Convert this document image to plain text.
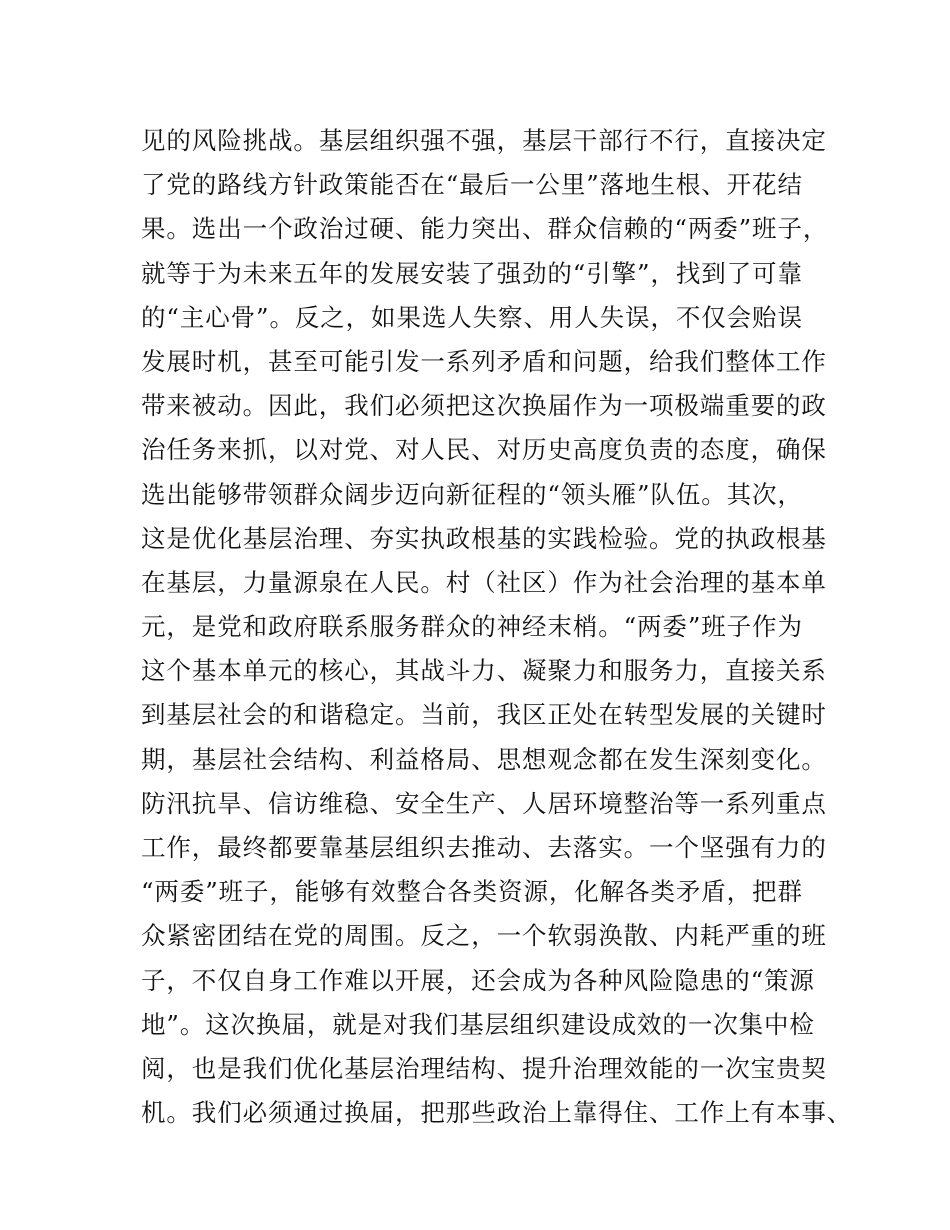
见的风险挑战。基层组织强不强，基层干部行不行，直接决定
了党的路线方针政策能否在“最后一公里”落地生根、开花结
果。选出一个政治过硬、能力突出、群众信赖的“两委”班子，
就等于为未来五年的发展安装了强劲的“引擎”，找到了可靠
的“主心骨”。反之，如果选人失察、用人失误，不仅会贻误
发展时机，甚至可能引发一系列矛盾和问题，给我们整体工作
带来被动。因此，我们必须把这次换届作为一项极端重要的政
治任务来抓，以对党、对人民、对历史高度负责的态度，确保
选出能够带领群众阔步迈向新征程的“领头雁”队伍。其次，
这是优化基层治理、夯实执政根基的实践检验。党的执政根基
在基层，力量源泉在人民。村（社区）作为社会治理的基本单
元，是党和政府联系服务群众的神经末梢。“两委”班子作为
这个基本单元的核心，其战斗力、凝聚力和服务力，直接关系
到基层社会的和谐稳定。当前，我区正处在转型发展的关键时
期，基层社会结构、利益格局、思想观念都在发生深刻变化。
防汛抗旱、信访维稳、安全生产、人居环境整治等一系列重点
工作，最终都要靠基层组织去推动、去落实。一个坚强有力的
“两委”班子，能够有效整合各类资源，化解各类矛盾，把群
众紧密团结在党的周围。反之，一个软弱涣散、内耗严重的班
子，不仅自身工作难以开展，还会成为各种风险隐患的“策源
地”。这次换届，就是对我们基层组织建设成效的一次集中检
阅，也是我们优化基层治理结构、提升治理效能的一次宝贵契
机。我们必须通过换届，把那些政治上靠得住、工作上有本事、
